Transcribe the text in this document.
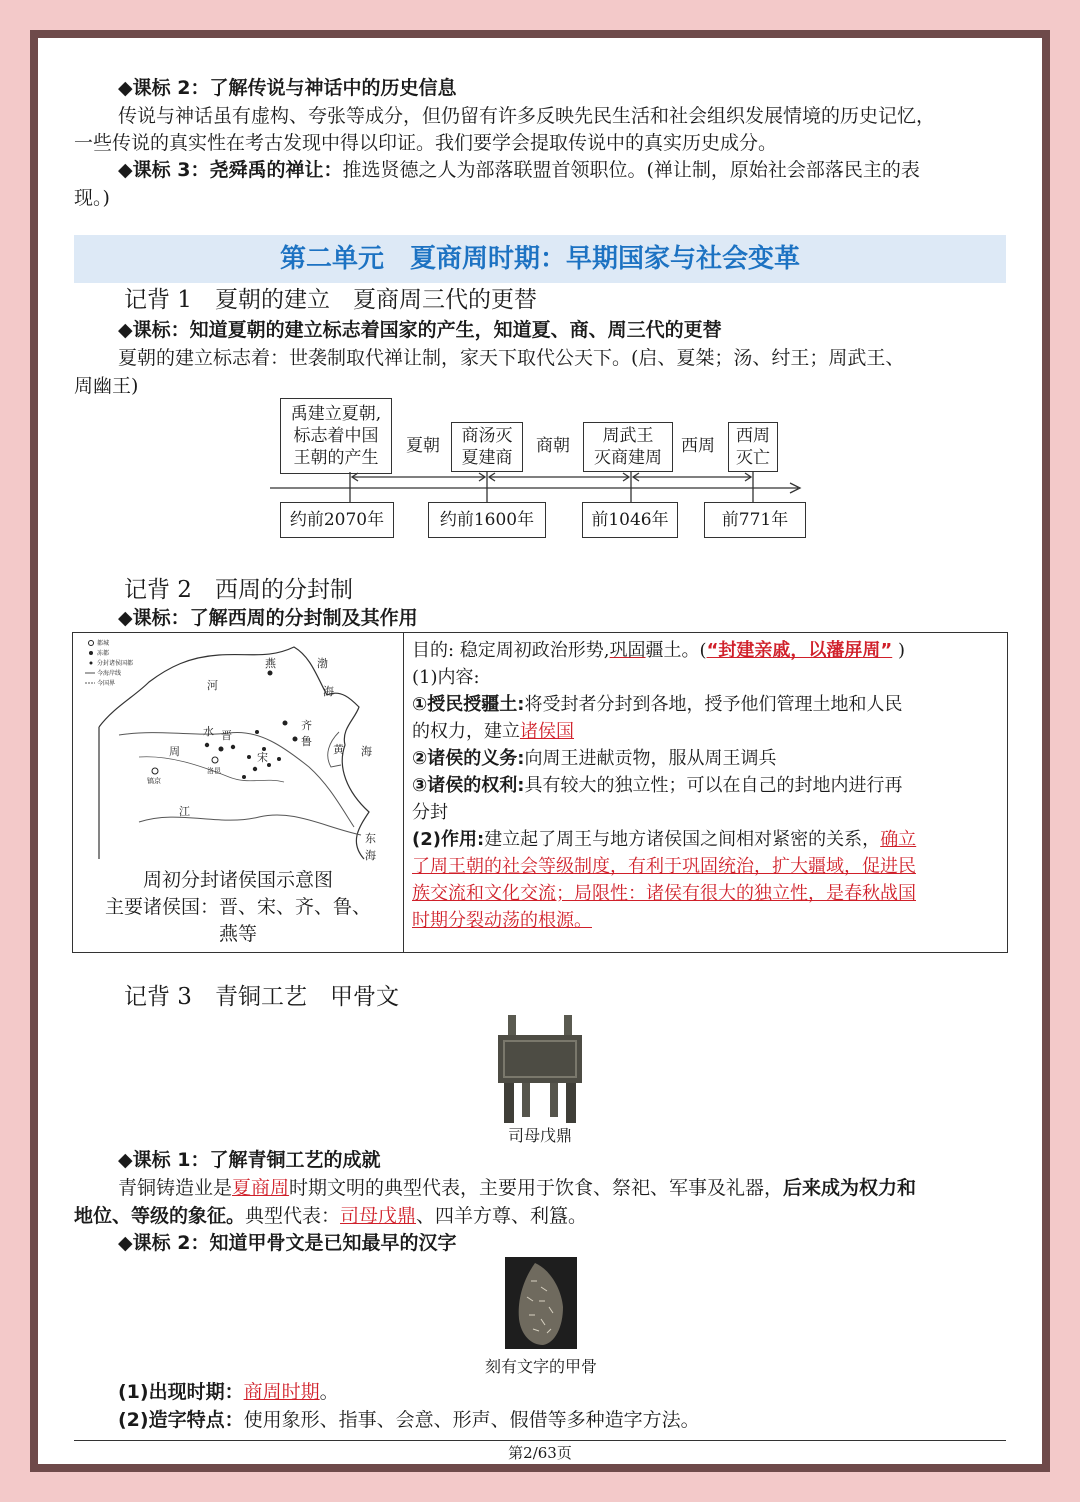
◆课标 2：了解传说与神话中的历史信息
传说与神话虽有虚构、夸张等成分，但仍留有许多反映先民生活和社会组织发展情境的历史记忆，
一些传说的真实性在考古发现中得以印证。我们要学会提取传说中的真实历史成分。
◆课标 3：尧舜禹的禅让：推选贤德之人为部落联盟首领职位。(禅让制，原始社会部落民主的表
现。)
第二单元　夏商周时期：早期国家与社会变革
记背 1　夏朝的建立　夏商周三代的更替
◆课标：知道夏朝的建立标志着国家的产生，知道夏、商、周三代的更替
夏朝的建立标志着：世袭制取代禅让制，家天下取代公天下。(启、夏桀；汤、纣王；周武王、
周幽王)
禹建立夏朝,
标志着中国
王朝的产生
商汤灭
夏建商
周武王
灭商建周
西周
灭亡
夏朝	商朝	西周
约前2070年	约前1600年	前1046年	前771年
记背 2　西周的分封制
◆课标：了解西周的分封制及其作用
都城
冻都
分封诸侯国都
今海岸线
今国界
燕	渤
海
河
齐
鲁
晋
水
周	宋
黄 海
江
东
海
洛邑
镐京
周初分封诸侯国示意图
主要诸侯国：晋、宋、齐、鲁、
燕等

目的: 稳定周初政治形势,巩固疆土。(“封建亲戚，以藩屏周” )
(1)内容:
①授民授疆土:将受封者分封到各地，授予他们管理土地和人民
的权力，建立诸侯国
②诸侯的义务:向周王进献贡物，服从周王调兵
③诸侯的权利:具有较大的独立性；可以在自己的封地内进行再
分封
(2)作用:建立起了周王与地方诸侯国之间相对紧密的关系，确立
了周王朝的社会等级制度，有利于巩固统治，扩大疆域，促进民
族交流和文化交流；局限性：诸侯有很大的独立性，是春秋战国
时期分裂动荡的根源。
记背 3　青铜工艺　甲骨文
司母戊鼎
◆课标 1：了解青铜工艺的成就
青铜铸造业是夏商周时期文明的典型代表，主要用于饮食、祭祀、军事及礼器，后来成为权力和
地位、等级的象征。典型代表：司母戊鼎、四羊方尊、利簋。
◆课标 2：知道甲骨文是已知最早的汉字
刻有文字的甲骨
(1)出现时期：商周时期。
(2)造字特点：使用象形、指事、会意、形声、假借等多种造字方法。
第2/63页
